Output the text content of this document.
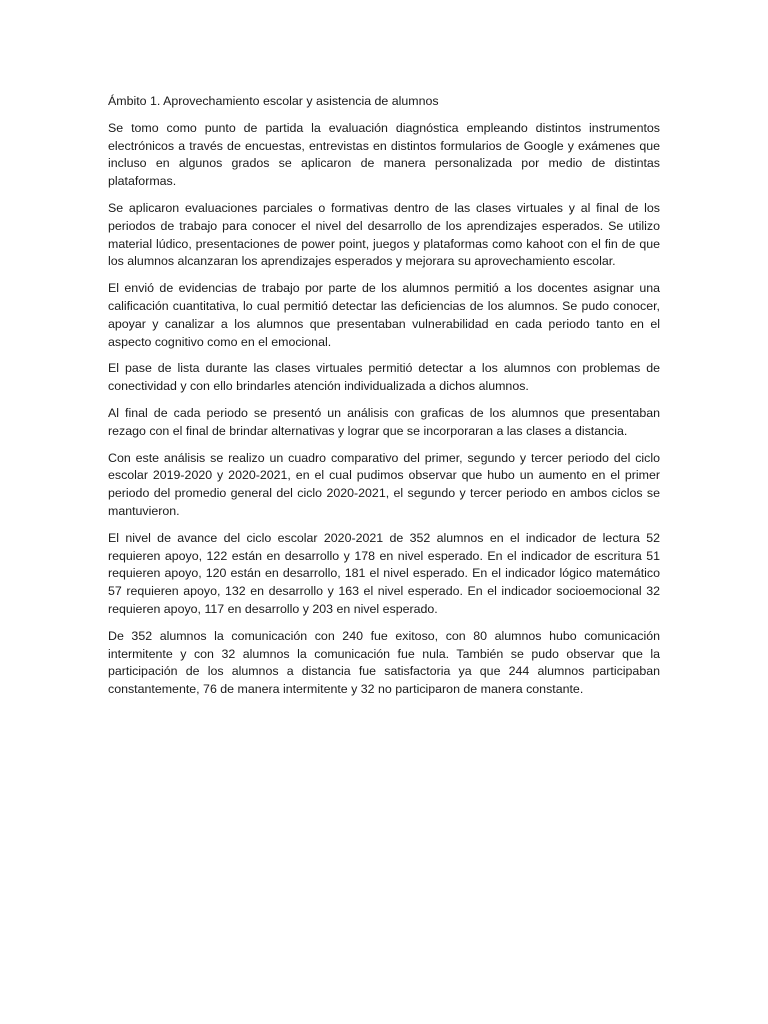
Ámbito 1. Aprovechamiento escolar y asistencia de alumnos

Se tomo como punto de partida la evaluación diagnóstica empleando distintos instrumentos electrónicos a través de encuestas, entrevistas en distintos formularios de Google y exámenes que incluso en algunos grados se aplicaron de manera personalizada por medio de distintas plataformas.

Se aplicaron evaluaciones parciales o formativas dentro de las clases virtuales y al final de los periodos de trabajo para conocer el nivel del desarrollo de los aprendizajes esperados. Se utilizo material lúdico, presentaciones de power point, juegos y plataformas como kahoot con el fin de que los alumnos alcanzaran los aprendizajes esperados y mejorara su aprovechamiento escolar.

El envió de evidencias de trabajo por parte de los alumnos permitió a los docentes asignar una calificación cuantitativa, lo cual permitió detectar las deficiencias de los alumnos. Se pudo conocer, apoyar y canalizar a los alumnos que presentaban vulnerabilidad en cada periodo tanto en el aspecto cognitivo como en el emocional.

El pase de lista durante las clases virtuales permitió detectar a los alumnos con problemas de conectividad y con ello brindarles atención individualizada a dichos alumnos.

Al final de cada periodo se presentó un análisis con graficas de los alumnos que presentaban rezago con el final de brindar alternativas y lograr que se incorporaran a las clases a distancia.

Con este análisis se realizo un cuadro comparativo del primer, segundo y tercer periodo del ciclo escolar 2019-2020 y 2020-2021, en el cual pudimos observar que hubo un aumento en el primer periodo del promedio general del ciclo 2020-2021, el segundo y tercer periodo en ambos ciclos se mantuvieron.

El nivel de avance del ciclo escolar 2020-2021 de 352 alumnos en el indicador de lectura 52 requieren apoyo, 122 están en desarrollo y 178 en nivel esperado. En el indicador de escritura 51 requieren apoyo, 120 están en desarrollo, 181 el nivel esperado. En el indicador lógico matemático 57 requieren apoyo, 132 en desarrollo y 163 el nivel esperado. En el indicador socioemocional 32 requieren apoyo, 117 en desarrollo y 203 en nivel esperado.

De 352 alumnos la comunicación con 240 fue exitoso, con 80 alumnos hubo comunicación intermitente y con 32 alumnos la comunicación fue nula. También se pudo observar que la participación de los alumnos a distancia fue satisfactoria ya que 244 alumnos participaban constantemente, 76 de manera intermitente y 32 no participaron de manera constante.
